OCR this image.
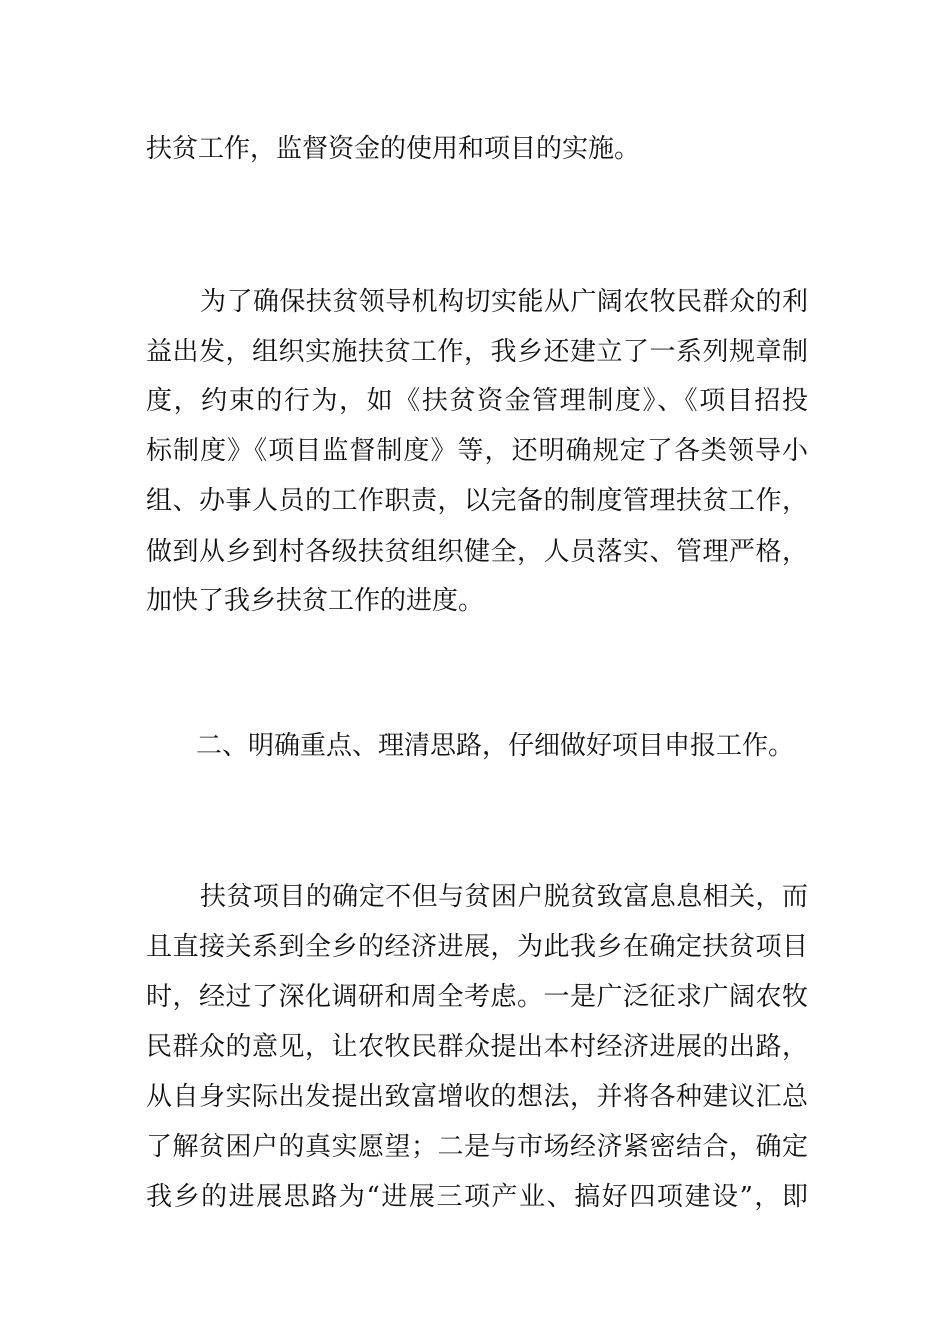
扶贫工作，监督资金的使用和项目的实施。
为了确保扶贫领导机构切实能从广阔农牧民群众的利
益出发，组织实施扶贫工作，我乡还建立了一系列规章制
度，约束的行为，如《扶贫资金管理制度》、《项目招投
标制度》《项目监督制度》等，还明确规定了各类领导小
组、办事人员的工作职责，以完备的制度管理扶贫工作，
做到从乡到村各级扶贫组织健全，人员落实、管理严格，
加快了我乡扶贫工作的进度。
二、明确重点、理清思路，仔细做好项目申报工作。
扶贫项目的确定不但与贫困户脱贫致富息息相关，而
且直接关系到全乡的经济进展，为此我乡在确定扶贫项目
时，经过了深化调研和周全考虑。一是广泛征求广阔农牧
民群众的意见，让农牧民群众提出本村经济进展的出路，
从自身实际出发提出致富增收的想法，并将各种建议汇总
了解贫困户的真实愿望；二是与市场经济紧密结合，确定
我乡的进展思路为“进展三项产业、搞好四项建设”，即
